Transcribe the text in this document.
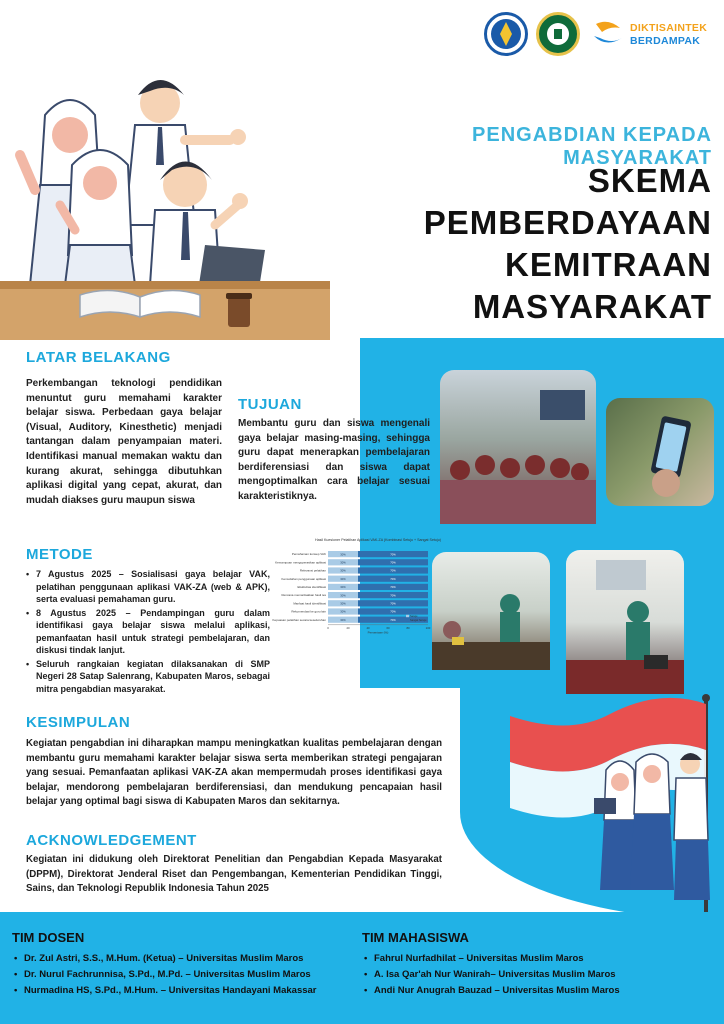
DIKTISAINTEK
BERDAMPAK
PENGABDIAN KEPADA MASYARAKAT
SKEMA PEMBERDAYAAN
KEMITRAAN MASYARAKAT
LATAR BELAKANG
Perkembangan teknologi pendidikan menuntut guru memahami karakter belajar siswa. Perbedaan gaya belajar (Visual, Auditory, Kinesthetic) menjadi tantangan dalam penyampaian materi. Identifikasi manual memakan waktu dan kurang akurat, sehingga dibutuhkan aplikasi digital yang cepat, akurat, dan mudah diakses guru maupun siswa
TUJUAN
Membantu guru dan siswa mengenali gaya belajar masing-masing, sehingga guru dapat menerapkan pembelajaran berdiferensiasi dan siswa dapat mengoptimalkan cara belajar sesuai karakteristiknya.
METODE
• 7 Agustus 2025 – Sosialisasi gaya belajar VAK, pelatihan penggunaan aplikasi VAK-ZA (web & APK), serta evaluasi pemahaman guru.
• 8 Agustus 2025 – Pendampingan guru dalam identifikasi gaya belajar siswa melalui aplikasi, pemanfaatan hasil untuk strategi pembelajaran, dan diskusi tindak lanjut.
• Seluruh rangkaian kegiatan dilaksanakan di SMP Negeri 28 Satap Salenrang, Kabupaten Maros, sebagai mitra pengabdian masyarakat.
Hasil Kuesioner Pelatihan Aplikasi VAK-ZA (Kombinasi Setuju + Sangat Setuju)
Pemahaman konsep VAK	30%	70%
Kemampuan mengoperasikan aplikasi	30%	70%
Relevansi pelatihan	30%	70%
Kemudahan penggunaan aplikasi	30%	70%
Efektivitas identifikasi	30%	70%
Rencana memanfaatkan hasil tes	30%	70%
Manfaat hasil identifikasi	30%	70%
Rekomendasi ke guru lain	30%	70%
Kepuasan pelatihan secara keseluruhan	30%	70%
0	20	40	60	80	100
Persentase (%)
Setuju
Sangat Setuju
KESIMPULAN
Kegiatan pengabdian ini diharapkan mampu meningkatkan kualitas pembelajaran dengan membantu guru memahami karakter belajar siswa serta memberikan strategi pengajaran yang sesuai. Pemanfaatan aplikasi VAK-ZA akan mempermudah proses identifikasi gaya belajar, mendorong pembelajaran berdiferensiasi, dan mendukung pencapaian hasil belajar yang optimal bagi siswa di Kabupaten Maros dan sekitarnya.
ACKNOWLEDGEMENT
Kegiatan ini didukung oleh Direktorat Penelitian dan Pengabdian Kepada Masyarakat (DPPM), Direktorat Jenderal Riset dan Pengembangan, Kementerian Pendidikan Tinggi, Sains, dan Teknologi Republik Indonesia Tahun 2025
TIM DOSEN
• Dr. Zul Astri, S.S., M.Hum. (Ketua) – Universitas Muslim Maros
• Dr. Nurul Fachrunnisa, S.Pd., M.Pd. – Universitas Muslim Maros
• Nurmadina HS, S.Pd., M.Hum. – Universitas Handayani Makassar
TIM MAHASISWA
• Fahrul Nurfadhilat – Universitas Muslim Maros
• A. Isa Qar'ah Nur Wanirah– Universitas Muslim Maros
• Andi Nur Anugrah Bauzad – Universitas Muslim Maros
